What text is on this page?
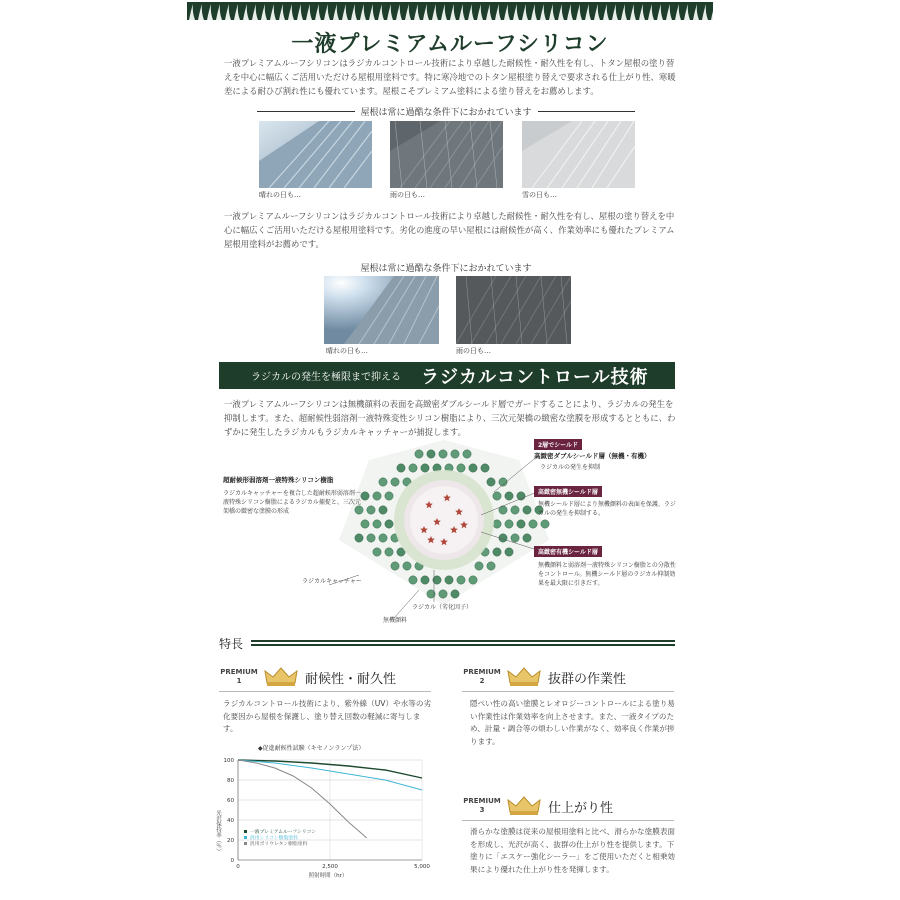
一液プレミアムルーフシリコン
一液プレミアムルーフシリコンはラジカルコントロール技術により卓越した耐候性・耐久性を有し、トタン屋根の塗り替えを中心に幅広くご活用いただける屋根用塗料です。特に寒冷地でのトタン屋根塗り替えで要求される仕上がり性、寒暖差による耐ひび割れ性にも優れています。屋根こそプレミアム塗料による塗り替えをお薦めします。
屋根は常に過酷な条件下におかれています
晴れの日も…	雨の日も…	雪の日も…
一液プレミアムルーフシリコンはラジカルコントロール技術により卓越した耐候性・耐久性を有し、屋根の塗り替えを中心に幅広くご活用いただける屋根用塗料です。劣化の進度の早い屋根には耐候性が高く、作業効率にも優れたプレミアム屋根用塗料がお薦めです。
屋根は常に過酷な条件下におかれています
晴れの日も…	雨の日も…
ラジカルの発生を極限まで抑える ラジカルコントロール技術
一液プレミアムルーフシリコンは無機顔料の表面を高緻密ダブルシールド層でガードすることにより、ラジカルの発生を抑制します。また、超耐候性弱溶剤一液特殊変性シリコン樹脂により、三次元架橋の緻密な塗膜を形成するとともに、わずかに発生したラジカルもラジカルキャッチャーが捕捉します。
超耐候形弱溶剤一液特殊シリコン樹脂
ラジカルキャッチャーを複合した超耐候形弱溶剤一液特殊シリコン樹脂によるラジカル捕捉と、三次元架橋の緻密な塗膜の形成
ラジカルキャッチャー
ラジカル（劣化因子）
無機顔料
2層でシールド
高緻密ダブルシールド層（無機・有機）
ラジカルの発生を抑制
高緻密無機シールド層
無機シールド層により無機顔料の表面を保護、ラジカルの発生を抑制する。
高緻密有機シールド層
無機顔料と弱溶剤一液特殊シリコン樹脂との分散性をコントロール。無機シールド層のラジカル抑制効果を最大限に引きだす。
特長
PREMIUM
1	耐候性・耐久性
ラジカルコントロール技術により、紫外線（UV）や水等の劣化要因から屋根を保護し、塗り替え回数の軽減に寄与します。
PREMIUM
2	抜群の作業性
隠ぺい性の高い塗膜とレオロジーコントロールによる塗り易い作業性は作業効率を向上させます。また、一液タイプのため、計量・調合等の煩わしい作業がなく、効率良く作業が捗ります。
PREMIUM
3	仕上がり性
滑らかな塗膜は従来の屋根用塗料と比べ、滑らかな塗膜表面を形成し、光沢が高く、抜群の仕上がり性を提供します。下塗りに「エスケー強化シーラー」をご使用いただくと相乗効果により優れた仕上がり性を発揮します。
◆促進耐候性試験（キセノンランプ法）
光沢保持率（％）
照射時間（hr）
0
20
40
60
80
100
0	2,500	5,000
一液プレミアムルーフシリコン
汎用シリコン樹脂塗料
汎用ポリウレタン樹脂塗料
